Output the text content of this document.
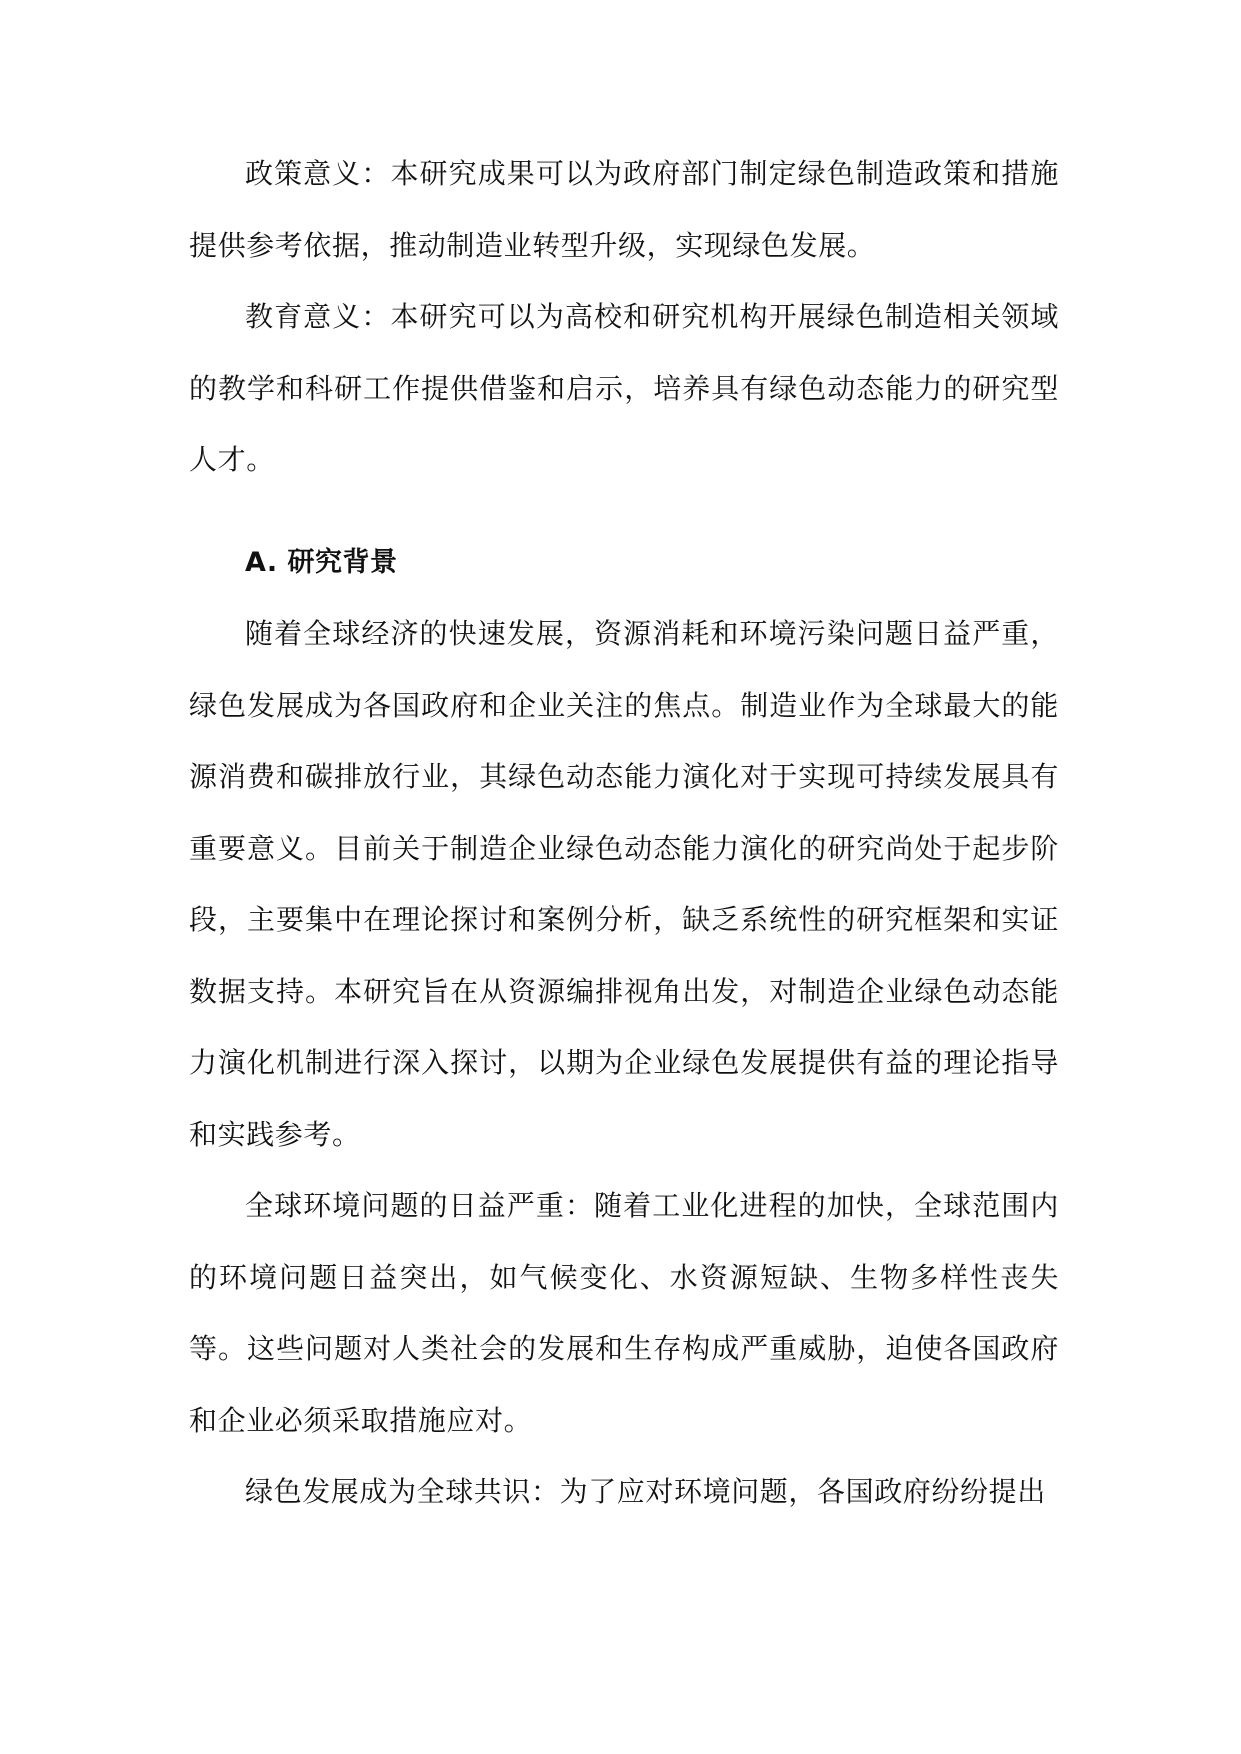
政策意义：本研究成果可以为政府部门制定绿色制造政策和措施提供参考依据，推动制造业转型升级，实现绿色发展。

教育意义：本研究可以为高校和研究机构开展绿色制造相关领域的教学和科研工作提供借鉴和启示，培养具有绿色动态能力的研究型人才。

A. 研究背景

随着全球经济的快速发展，资源消耗和环境污染问题日益严重，绿色发展成为各国政府和企业关注的焦点。制造业作为全球最大的能源消费和碳排放行业，其绿色动态能力演化对于实现可持续发展具有重要意义。目前关于制造企业绿色动态能力演化的研究尚处于起步阶段，主要集中在理论探讨和案例分析，缺乏系统性的研究框架和实证数据支持。本研究旨在从资源编排视角出发，对制造企业绿色动态能力演化机制进行深入探讨，以期为企业绿色发展提供有益的理论指导和实践参考。

全球环境问题的日益严重：随着工业化进程的加快，全球范围内的环境问题日益突出，如气候变化、水资源短缺、生物多样性丧失等。这些问题对人类社会的发展和生存构成严重威胁，迫使各国政府和企业必须采取措施应对。

绿色发展成为全球共识：为了应对环境问题，各国政府纷纷提出
